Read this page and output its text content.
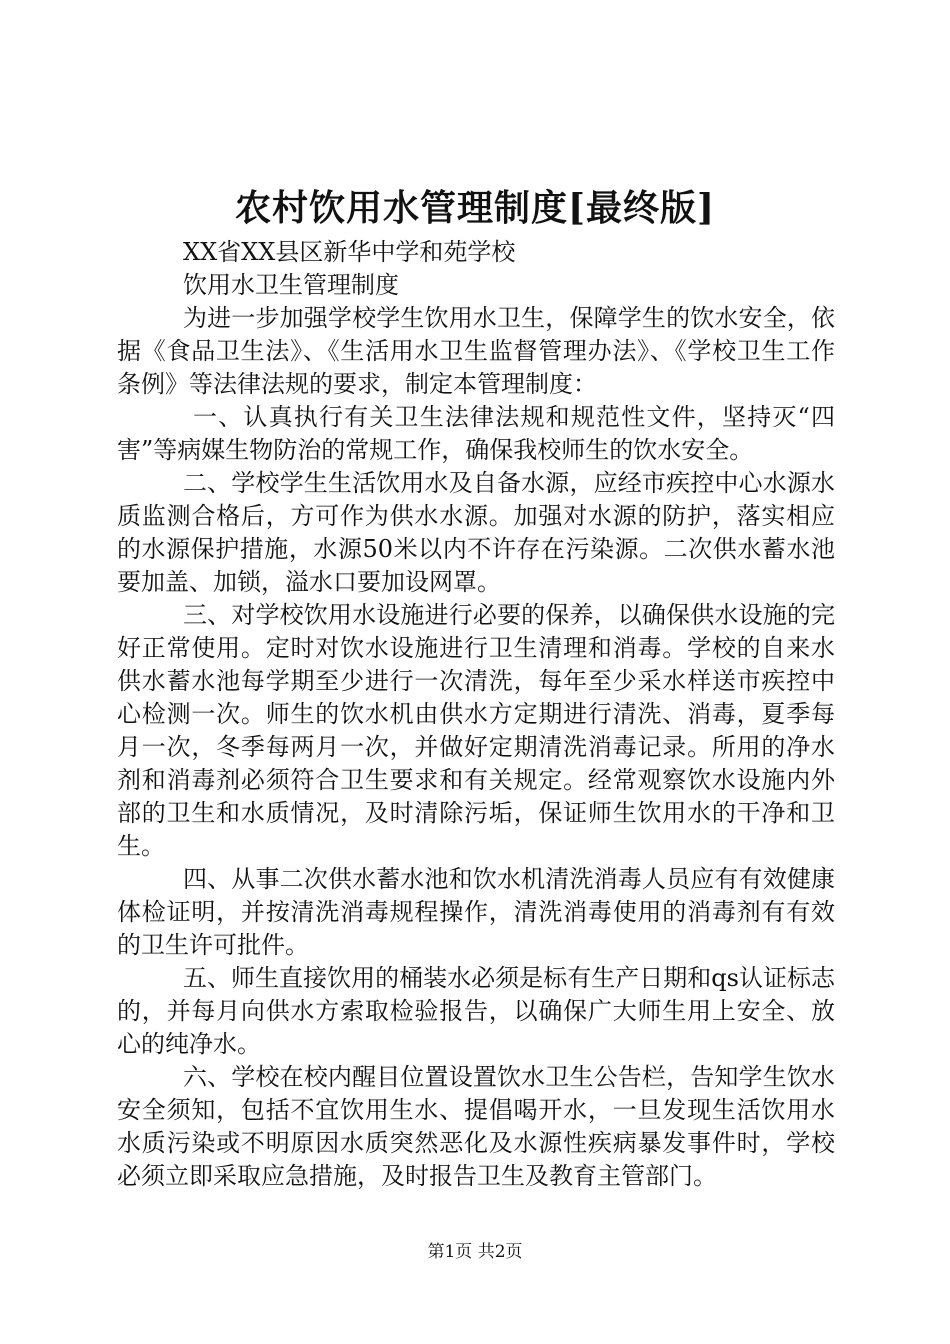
农村饮用水管理制度[最终版]

XX省XX县区新华中学和苑学校

饮用水卫生管理制度

为进一步加强学校学生饮用水卫生，保障学生的饮水安全，依据《食品卫生法》、《生活用水卫生监督管理办法》、《学校卫生工作条例》等法律法规的要求，制定本管理制度：

一、认真执行有关卫生法律法规和规范性文件，坚持灭“四害”等病媒生物防治的常规工作，确保我校师生的饮水安全。

二、学校学生生活饮用水及自备水源，应经市疾控中心水源水质监测合格后，方可作为供水水源。加强对水源的防护，落实相应的水源保护措施，水源50米以内不许存在污染源。二次供水蓄水池要加盖、加锁，溢水口要加设网罩。

三、对学校饮用水设施进行必要的保养，以确保供水设施的完好正常使用。定时对饮水设施进行卫生清理和消毒。学校的自来水供水蓄水池每学期至少进行一次清洗，每年至少采水样送市疾控中心检测一次。师生的饮水机由供水方定期进行清洗、消毒，夏季每月一次，冬季每两月一次，并做好定期清洗消毒记录。所用的净水剂和消毒剂必须符合卫生要求和有关规定。经常观察饮水设施内外部的卫生和水质情况，及时清除污垢，保证师生饮用水的干净和卫生。

四、从事二次供水蓄水池和饮水机清洗消毒人员应有有效健康体检证明，并按清洗消毒规程操作，清洗消毒使用的消毒剂有有效的卫生许可批件。

五、师生直接饮用的桶装水必须是标有生产日期和qs认证标志的，并每月向供水方索取检验报告，以确保广大师生用上安全、放心的纯净水。

六、学校在校内醒目位置设置饮水卫生公告栏，告知学生饮水安全须知，包括不宜饮用生水、提倡喝开水，一旦发现生活饮用水水质污染或不明原因水质突然恶化及水源性疾病暴发事件时，学校必须立即采取应急措施，及时报告卫生及教育主管部门。

第1页 共2页
